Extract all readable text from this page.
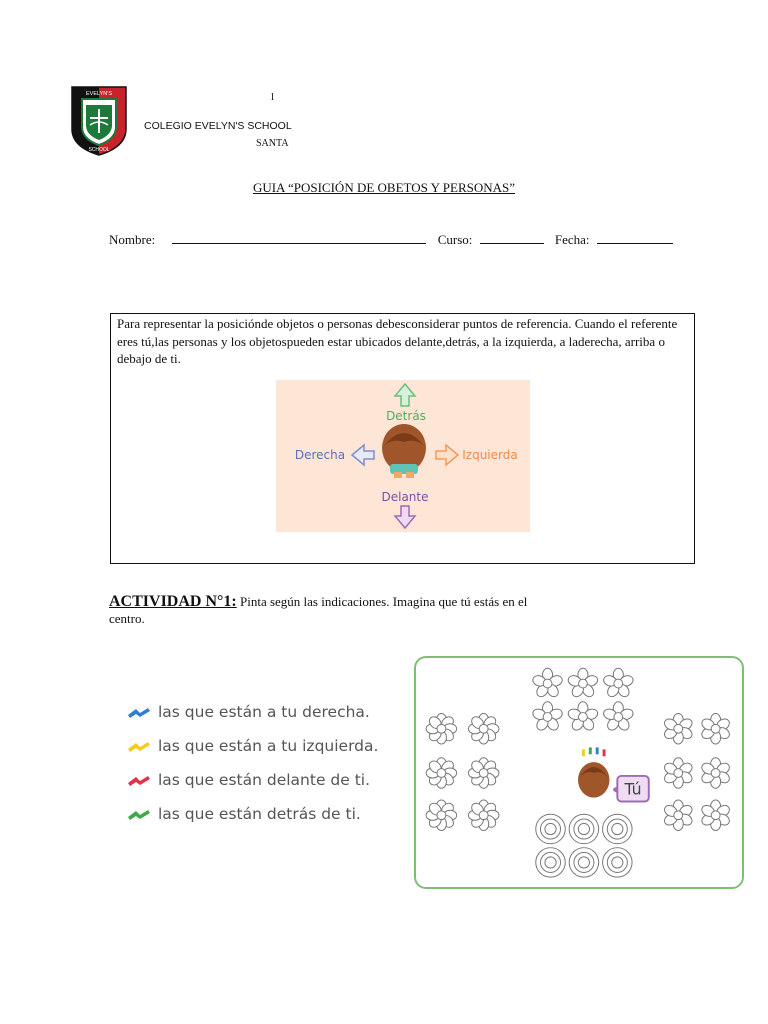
EVELYN'S
SCHOOL
l
COLEGIO EVELYN'S SCHOOL
SANTA
GUIA “POSICIÓN DE OBETOS Y PERSONAS”
Nombre:	Curso:	Fecha:
Para representar la posiciónde objetos o personas debesconsiderar puntos de referencia. Cuando el referente eres tú,las personas y los objetospueden estar ubicados delante,detrás, a la izquierda, a laderecha, arriba o debajo de ti.
Detrás
Derecha	Izquierda
Delante
ACTIVIDAD N°1: Pinta según las indicaciones. Imagina que tú estás en el centro.
las que están a tu derecha.
las que están a tu izquierda.
las que están delante de ti.
las que están detrás de ti.
Tú
